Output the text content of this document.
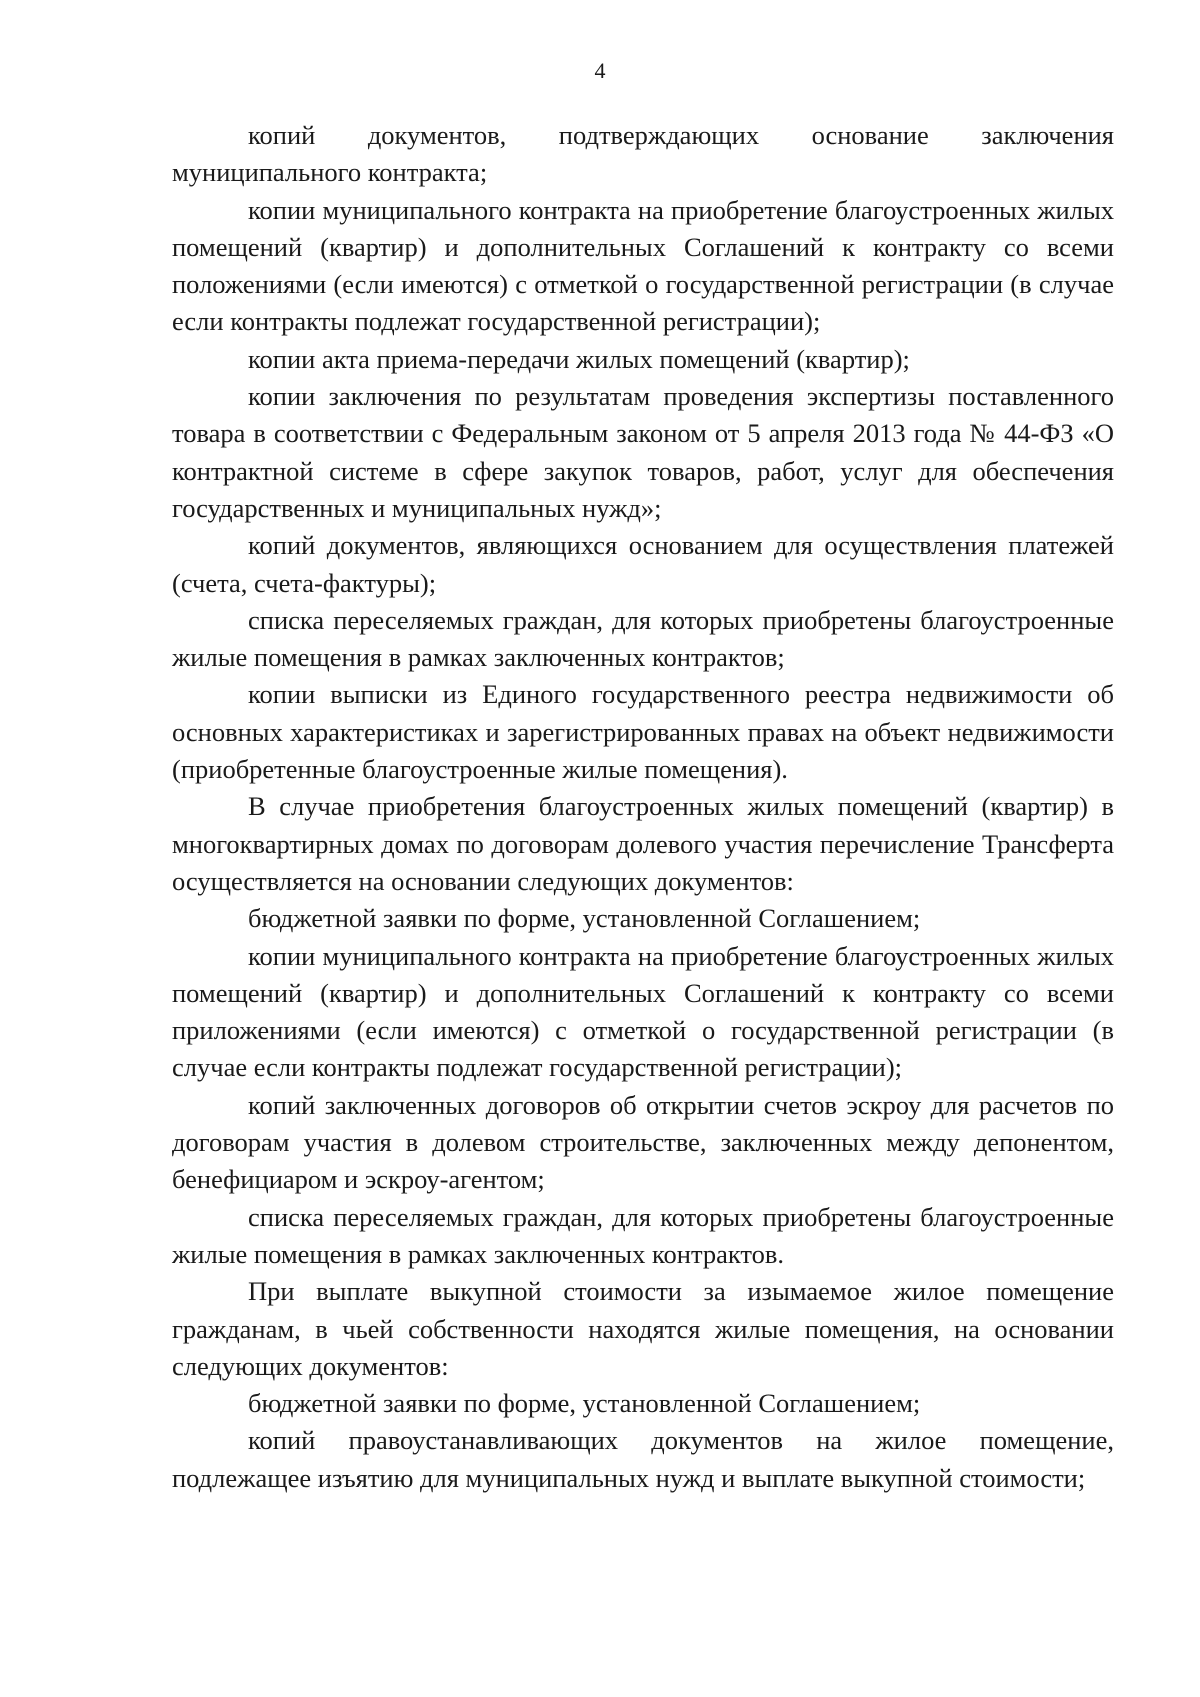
4

копий документов, подтверждающих основание заключения муниципального контракта;

копии муниципального контракта на приобретение благоустроенных жилых помещений (квартир) и дополнительных Соглашений к контракту со всеми положениями (если имеются) с отметкой о государственной регистрации (в случае если контракты подлежат государственной регистрации);

копии акта приема-передачи жилых помещений (квартир);

копии заключения по результатам проведения экспертизы поставленного товара в соответствии с Федеральным законом от 5 апреля 2013 года № 44-ФЗ «О контрактной системе в сфере закупок товаров, работ, услуг для обеспечения государственных и муниципальных нужд»;

копий документов, являющихся основанием для осуществления платежей (счета, счета-фактуры);

списка переселяемых граждан, для которых приобретены благоустроенные жилые помещения в рамках заключенных контрактов;

копии выписки из Единого государственного реестра недвижимости об основных характеристиках и зарегистрированных правах на объект недвижимости (приобретенные благоустроенные жилые помещения).

В случае приобретения благоустроенных жилых помещений (квартир) в многоквартирных домах по договорам долевого участия перечисление Трансферта осуществляется на основании следующих документов:

бюджетной заявки по форме, установленной Соглашением;

копии муниципального контракта на приобретение благоустроенных жилых помещений (квартир) и дополнительных Соглашений к контракту со всеми приложениями (если имеются) с отметкой о государственной регистрации (в случае если контракты подлежат государственной регистрации);

копий заключенных договоров об открытии счетов эскроу для расчетов по договорам участия в долевом строительстве, заключенных между депонентом, бенефициаром и эскроу-агентом;

списка переселяемых граждан, для которых приобретены благоустроенные жилые помещения в рамках заключенных контрактов.

При выплате выкупной стоимости за изымаемое жилое помещение гражданам, в чьей собственности находятся жилые помещения, на основании следующих документов:

бюджетной заявки по форме, установленной Соглашением;

копий правоустанавливающих документов на жилое помещение, подлежащее изъятию для муниципальных нужд и выплате выкупной стоимости;
